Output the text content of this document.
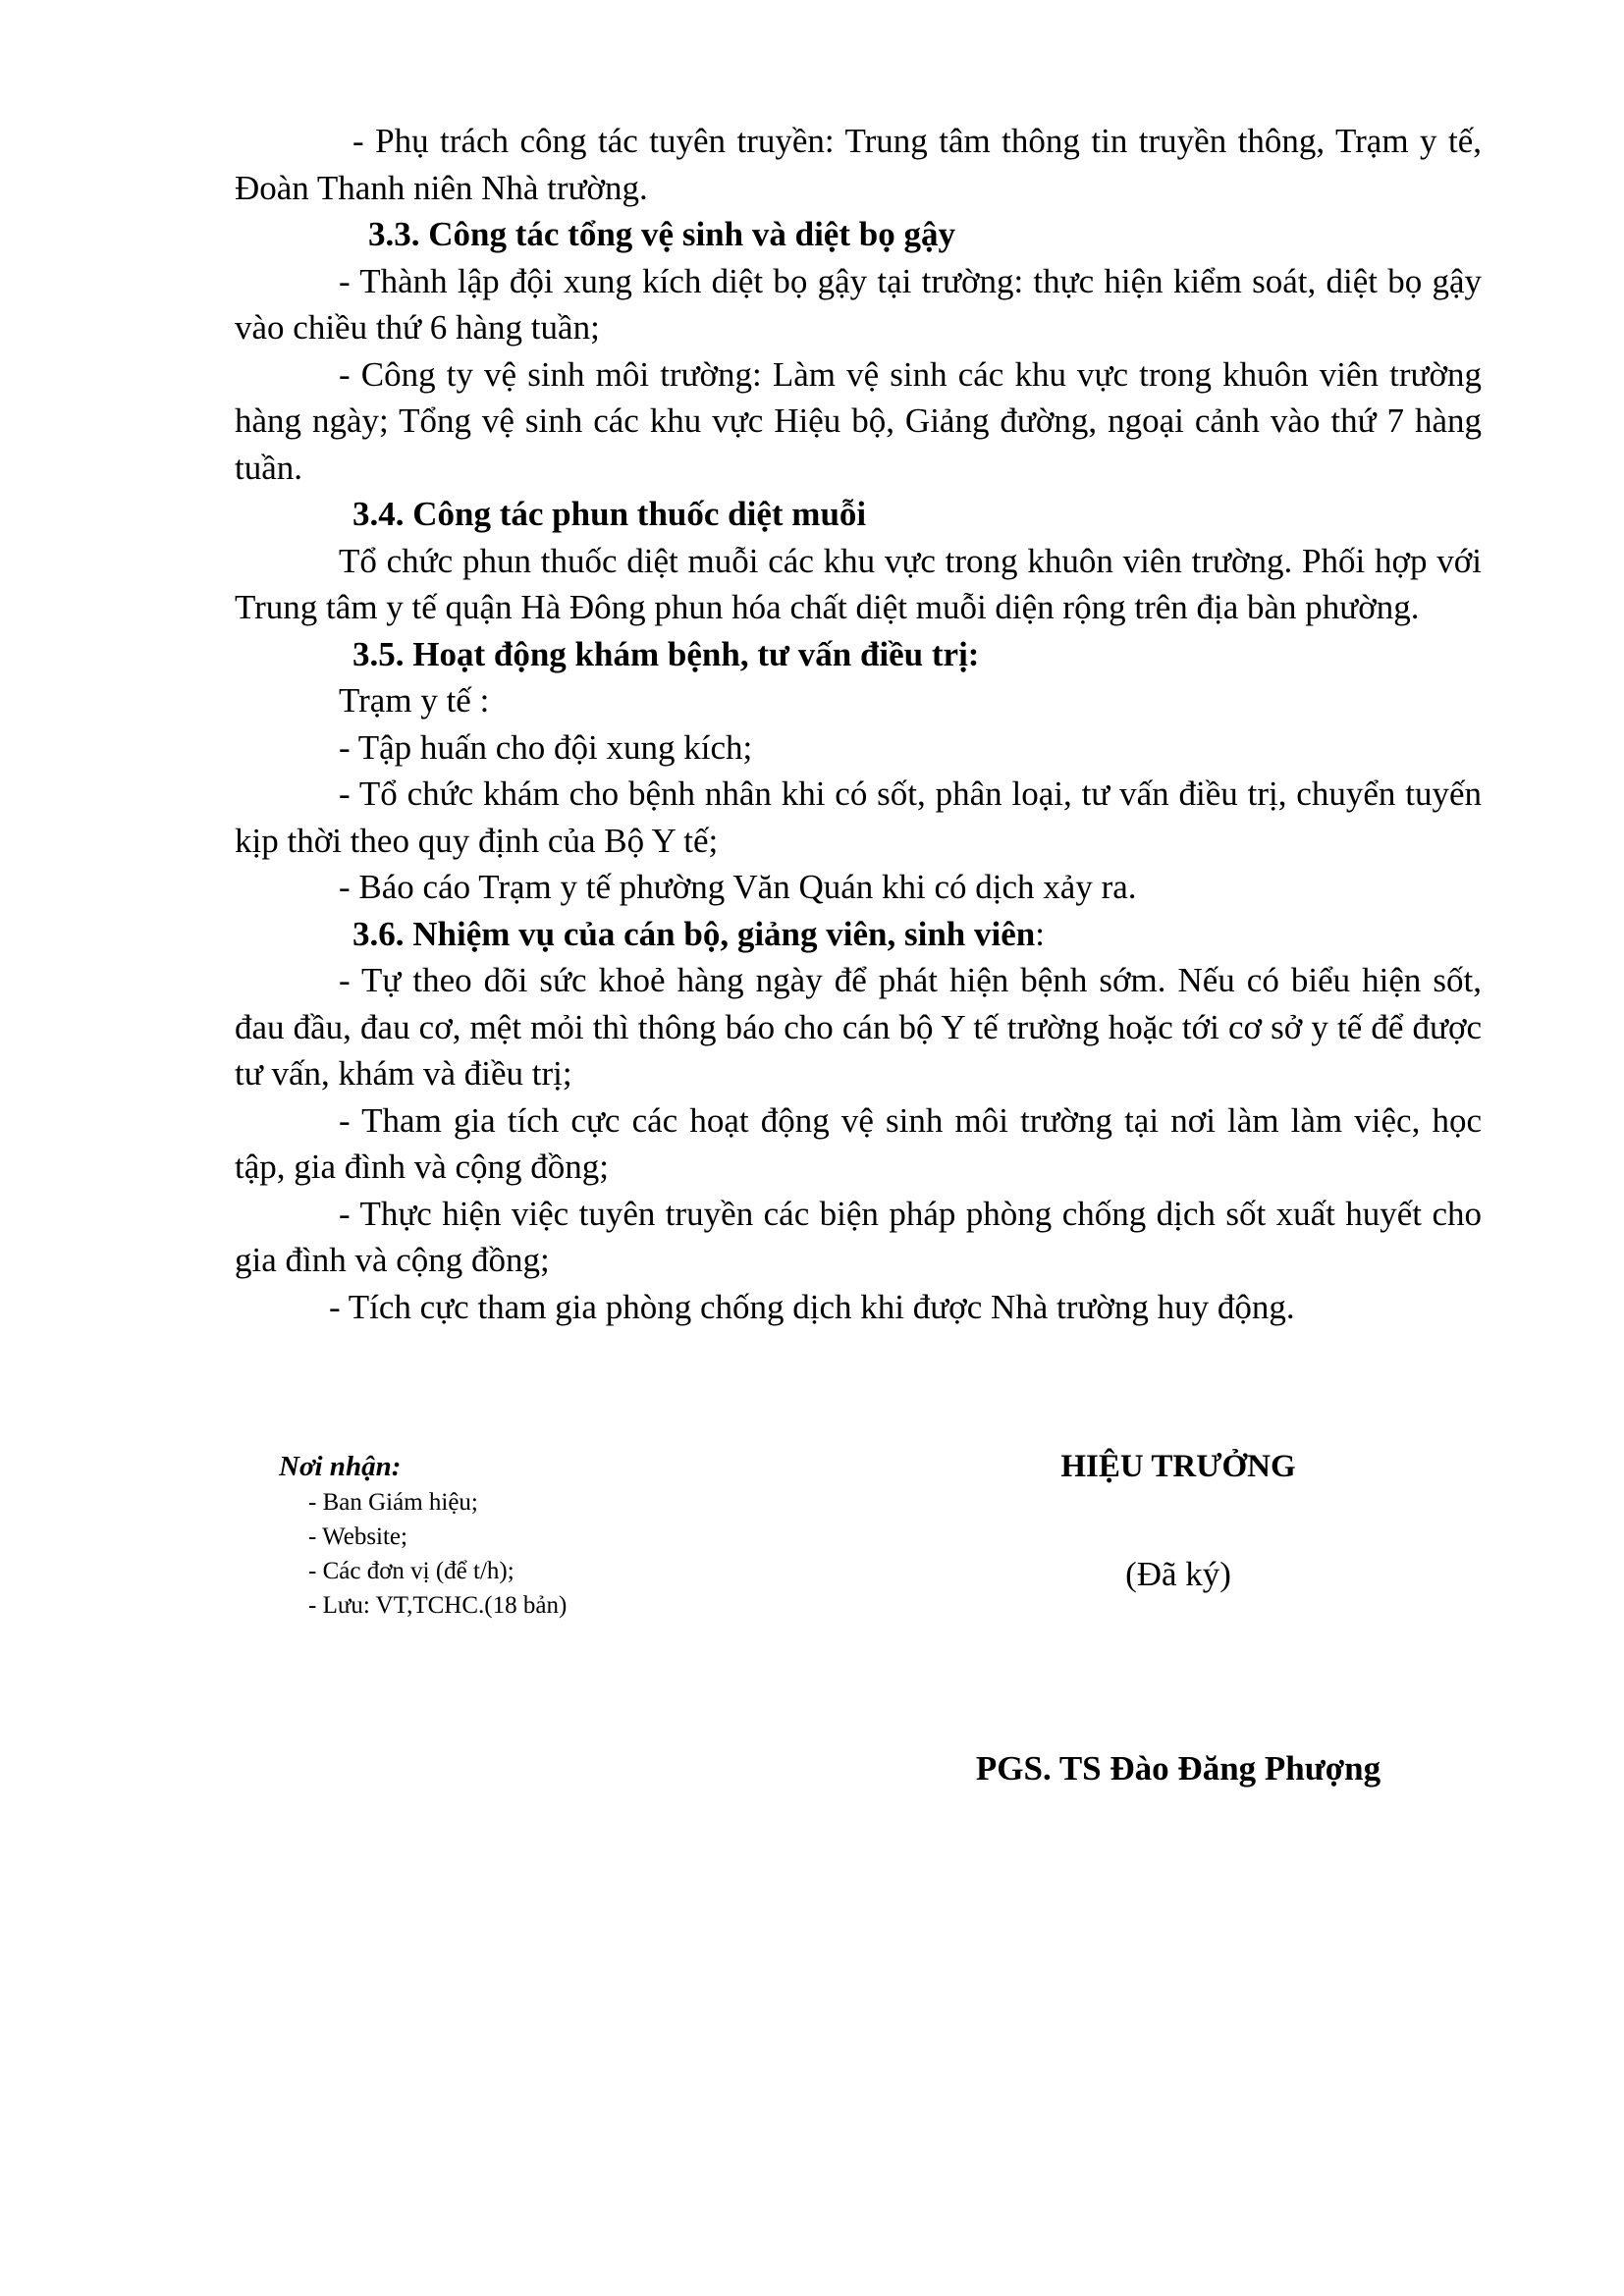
- Phụ trách công tác tuyên truyền: Trung tâm thông tin truyền thông, Trạm y tế, Đoàn Thanh niên Nhà trường.

3.3. Công tác tổng vệ sinh và diệt bọ gậy

- Thành lập đội xung kích diệt bọ gậy tại trường: thực hiện kiểm soát, diệt bọ gậy vào chiều thứ 6 hàng tuần;

- Công ty vệ sinh môi trường: Làm vệ sinh các khu vực trong khuôn viên trường hàng ngày; Tổng vệ sinh các khu vực Hiệu bộ, Giảng đường, ngoại cảnh vào thứ 7 hàng tuần.

3.4. Công tác phun thuốc diệt muỗi

Tổ chức phun thuốc diệt muỗi các khu vực trong khuôn viên trường. Phối hợp với Trung tâm y tế quận Hà Đông phun hóa chất diệt muỗi diện rộng trên địa bàn phường.

3.5. Hoạt động khám bệnh, tư vấn điều trị:

Trạm y tế :

- Tập huấn cho đội xung kích;

- Tổ chức khám cho bệnh nhân khi có sốt, phân loại, tư vấn điều trị, chuyển tuyến kịp thời theo quy định của Bộ Y tế;

- Báo cáo Trạm y tế phường Văn Quán khi có dịch xảy ra.

3.6. Nhiệm vụ của cán bộ, giảng viên, sinh viên:

- Tự theo dõi sức khoẻ hàng ngày để phát hiện bệnh sớm. Nếu có biểu hiện sốt, đau đầu, đau cơ, mệt mỏi thì thông báo cho cán bộ Y tế trường hoặc tới cơ sở y tế để được tư vấn, khám và điều trị;

- Tham gia tích cực các hoạt động vệ sinh môi trường tại nơi làm làm việc, học tập, gia đình và cộng đồng;

- Thực hiện việc tuyên truyền các biện pháp phòng chống dịch sốt xuất huyết cho gia đình và cộng đồng;

- Tích cực tham gia phòng chống dịch khi được Nhà trường huy động.

Nơi nhận:
- Ban Giám hiệu;
- Website;
- Các đơn vị (để t/h);
- Lưu: VT,TCHC.(18 bản)
HIỆU TRƯỞNG
(Đã ký)
PGS. TS Đào Đăng Phượng
